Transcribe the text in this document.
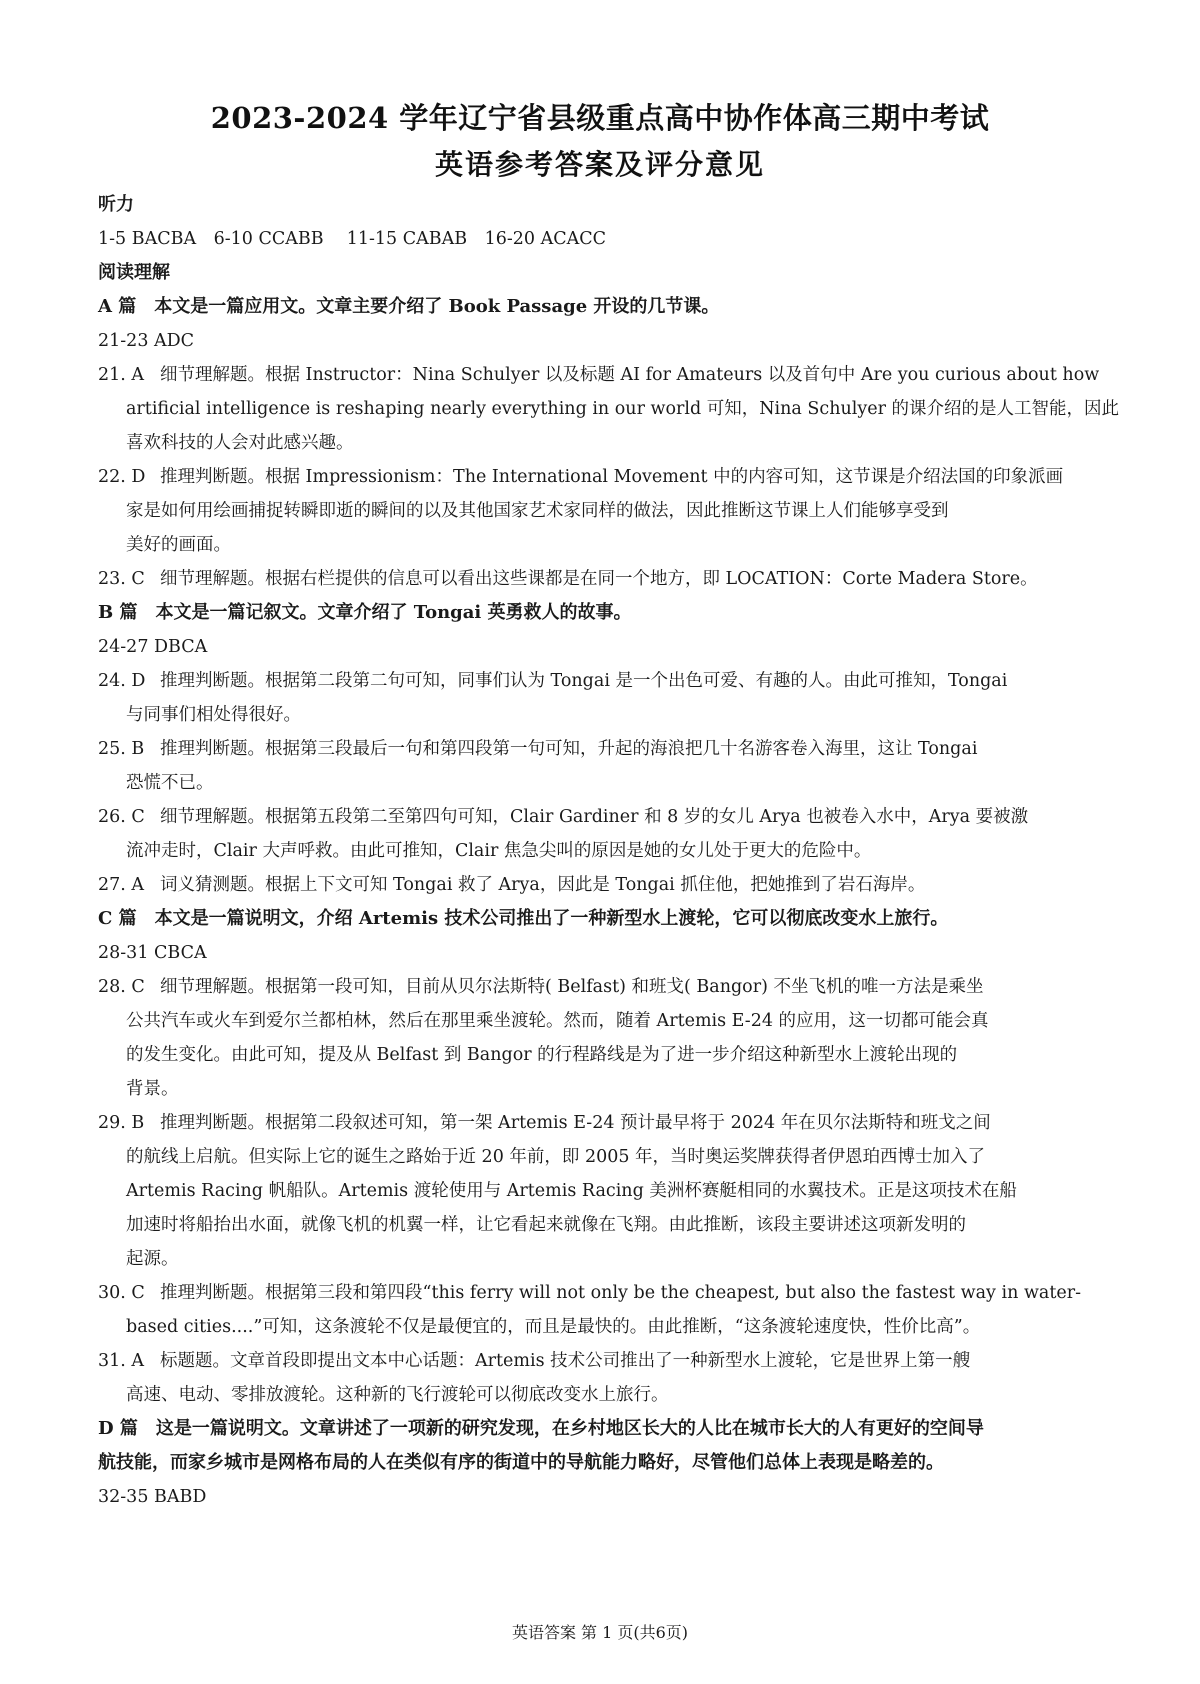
2023-2024 学年辽宁省县级重点高中协作体高三期中考试
英语参考答案及评分意见
听力
1-5 BACBA　6-10 CCABB　 11-15 CABAB　16-20 ACACC
阅读理解
A 篇　本文是一篇应用文。文章主要介绍了 Book Passage 开设的几节课。
21-23 ADC
21. A 细节理解题。根据 Instructor：Nina Schulyer 以及标题 AI for Amateurs 以及首句中 Are you curious about how
artificial intelligence is reshaping nearly everything in our world 可知，Nina Schulyer 的课介绍的是人工智能，因此
喜欢科技的人会对此感兴趣。
22. D 推理判断题。根据 Impressionism：The International Movement 中的内容可知，这节课是介绍法国的印象派画
家是如何用绘画捕捉转瞬即逝的瞬间的以及其他国家艺术家同样的做法，因此推断这节课上人们能够享受到
美好的画面。
23. C 细节理解题。根据右栏提供的信息可以看出这些课都是在同一个地方，即 LOCATION：Corte Madera Store。
B 篇　本文是一篇记叙文。文章介绍了 Tongai 英勇救人的故事。
24-27 DBCA
24. D 推理判断题。根据第二段第二句可知，同事们认为 Tongai 是一个出色可爱、有趣的人。由此可推知，Tongai
与同事们相处得很好。
25. B 推理判断题。根据第三段最后一句和第四段第一句可知，升起的海浪把几十名游客卷入海里，这让 Tongai
恐慌不已。
26. C 细节理解题。根据第五段第二至第四句可知，Clair Gardiner 和 8 岁的女儿 Arya 也被卷入水中，Arya 要被激
流冲走时，Clair 大声呼救。由此可推知，Clair 焦急尖叫的原因是她的女儿处于更大的危险中。
27. A 词义猜测题。根据上下文可知 Tongai 救了 Arya，因此是 Tongai 抓住他，把她推到了岩石海岸。
C 篇　本文是一篇说明文，介绍 Artemis 技术公司推出了一种新型水上渡轮，它可以彻底改变水上旅行。
28-31 CBCA
28. C 细节理解题。根据第一段可知，目前从贝尔法斯特( Belfast) 和班戈( Bangor) 不坐飞机的唯一方法是乘坐
公共汽车或火车到爱尔兰都柏林，然后在那里乘坐渡轮。然而，随着 Artemis E-24 的应用，这一切都可能会真
的发生变化。由此可知，提及从 Belfast 到 Bangor 的行程路线是为了进一步介绍这种新型水上渡轮出现的
背景。
29. B 推理判断题。根据第二段叙述可知，第一架 Artemis E-24 预计最早将于 2024 年在贝尔法斯特和班戈之间
的航线上启航。但实际上它的诞生之路始于近 20 年前，即 2005 年，当时奥运奖牌获得者伊恩珀西博士加入了
Artemis Racing 帆船队。Artemis 渡轮使用与 Artemis Racing 美洲杯赛艇相同的水翼技术。正是这项技术在船
加速时将船抬出水面，就像飞机的机翼一样，让它看起来就像在飞翔。由此推断，该段主要讲述这项新发明的
起源。
30. C 推理判断题。根据第三段和第四段“this ferry will not only be the cheapest, but also the fastest way in water-
based cities....”可知，这条渡轮不仅是最便宜的，而且是最快的。由此推断，“这条渡轮速度快，性价比高”。
31. A 标题题。文章首段即提出文本中心话题：Artemis 技术公司推出了一种新型水上渡轮，它是世界上第一艘
高速、电动、零排放渡轮。这种新的飞行渡轮可以彻底改变水上旅行。
D 篇　这是一篇说明文。文章讲述了一项新的研究发现，在乡村地区长大的人比在城市长大的人有更好的空间导
航技能，而家乡城市是网格布局的人在类似有序的街道中的导航能力略好，尽管他们总体上表现是略差的。
32-35 BABD
英语答案 第 1 页(共6页)
